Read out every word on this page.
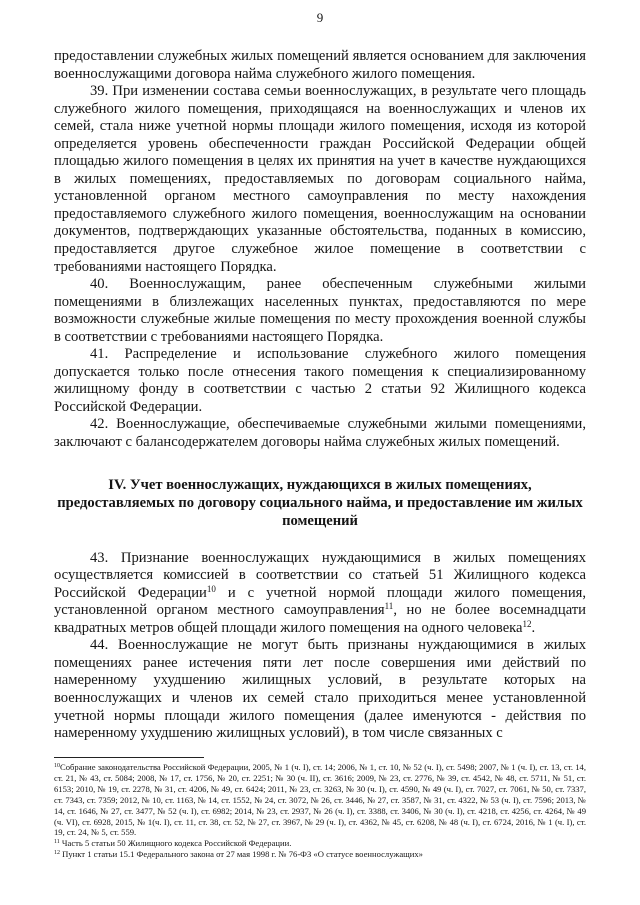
9

предоставлении служебных жилых помещений является основанием для заключения военнослужащими договора найма служебного жилого помещения.

39. При изменении состава семьи военнослужащих, в результате чего площадь служебного жилого помещения, приходящаяся на военнослужащих и членов их семей, стала ниже учетной нормы площади жилого помещения, исходя из которой определяется уровень обеспеченности граждан Российской Федерации общей площадью жилого помещения в целях их принятия на учет в качестве нуждающихся в жилых помещениях, предоставляемых по договорам социального найма, установленной органом местного самоуправления по месту нахождения предоставляемого служебного жилого помещения, военнослужащим на основании документов, подтверждающих указанные обстоятельства, поданных в комиссию, предоставляется другое служебное жилое помещение в соответствии с требованиями настоящего Порядка.

40. Военнослужащим, ранее обеспеченным служебными жилыми помещениями в близлежащих населенных пунктах, предоставляются по мере возможности служебные жилые помещения по месту прохождения военной службы в соответствии с требованиями настоящего Порядка.

41. Распределение и использование служебного жилого помещения допускается только после отнесения такого помещения к специализированному жилищному фонду в соответствии с частью 2 статьи 92 Жилищного кодекса Российской Федерации.

42. Военнослужащие, обеспечиваемые служебными жилыми помещениями, заключают с балансодержателем договоры найма служебных жилых помещений.

IV. Учет военнослужащих, нуждающихся в жилых помещениях, предоставляемых по договору социального найма, и предоставление им жилых помещений

43. Признание военнослужащих нуждающимися в жилых помещениях осуществляется комиссией в соответствии со статьей 51 Жилищного кодекса Российской Федерации$^{10}$ и с учетной нормой площади жилого помещения, установленной органом местного самоуправления$^{11}$, но не более восемнадцати квадратных метров общей площади жилого помещения на одного человека$^{12}$.

44. Военнослужащие не могут быть признаны нуждающимися в жилых помещениях ранее истечения пяти лет после совершения ими действий по намеренному ухудшению жилищных условий, в результате которых на военнослужащих и членов их семей стало приходиться менее установленной учетной нормы площади жилого помещения (далее именуются - действия по намеренному ухудшению жилищных условий), в том числе связанных с

$^{10}$Собрание законодательства Российской Федерации, 2005, № 1 (ч. I), ст. 14; 2006, № 1, ст. 10, № 52 (ч. I), ст. 5498; 2007, № 1 (ч. I), ст. 13, ст. 14, ст. 21, № 43, ст. 5084; 2008, № 17, ст. 1756, № 20, ст. 2251; № 30 (ч. II), ст. 3616; 2009, № 23, ст. 2776, № 39, ст. 4542, № 48, ст. 5711, № 51, ст. 6153; 2010, № 19, ст. 2278, № 31, ст. 4206, № 49, ст. 6424; 2011, № 23, ст. 3263, № 30 (ч. I), ст. 4590, № 49 (ч. I), ст. 7027, ст. 7061, № 50, ст. 7337, ст. 7343, ст. 7359; 2012, № 10, ст. 1163, № 14, ст. 1552, № 24, ст. 3072, № 26, ст. 3446, № 27, ст. 3587, № 31, ст. 4322, № 53 (ч. I), ст. 7596; 2013, № 14, ст. 1646, № 27, ст. 3477, № 52 (ч. I), ст. 6982; 2014, № 23, ст. 2937, № 26 (ч. I), ст. 3388, ст. 3406, № 30 (ч. I), ст. 4218, ст. 4256, ст. 4264, № 49 (ч. VI), ст. 6928, 2015, № 1(ч. I), ст. 11, ст. 38, ст. 52, № 27, ст. 3967, № 29 (ч. I), ст. 4362, № 45, ст. 6208, № 48 (ч. I), ст. 6724, 2016, № 1 (ч. I), ст. 19, ст. 24, № 5, ст. 559.

$^{11}$ Часть 5 статьи 50 Жилищного кодекса Российской Федерации.

$^{12}$ Пункт 1 статьи 15.1 Федерального закона от 27 мая 1998 г. № 76-ФЗ «О статусе военнослужащих»
